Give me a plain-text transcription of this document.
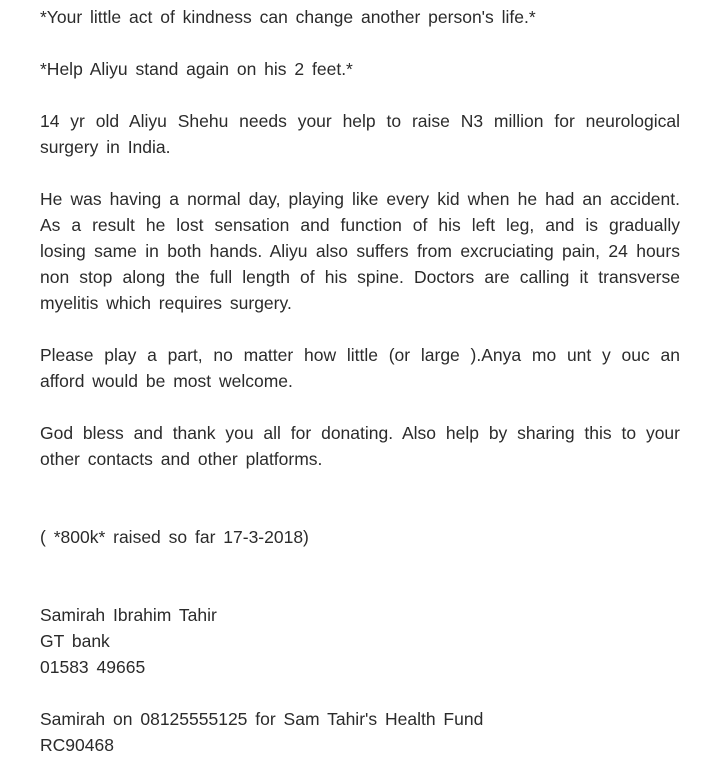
*Your little act of kindness can change another person's life.*

*Help Aliyu stand again on his 2 feet.*

14 yr old Aliyu Shehu needs your help to raise N3 million for neurological surgery in India.

He was having a normal day, playing like every kid when he had an accident. As a result he lost sensation and function of his left leg, and is gradually losing same in both hands. Aliyu also suffers from excruciating pain, 24 hours non stop along the full length of his spine. Doctors are calling it transverse myelitis which requires surgery.

Please play a part, no matter how little (or large ).Anya mo unt y ouc an afford would be most welcome.

God bless and thank you all for donating. Also help by sharing this to your other contacts and other platforms.

( *800k* raised so far 17-3-2018)

Samirah Ibrahim Tahir

GT bank

01583 49665

Samirah on 08125555125 for Sam Tahir's Health Fund

RC90468
